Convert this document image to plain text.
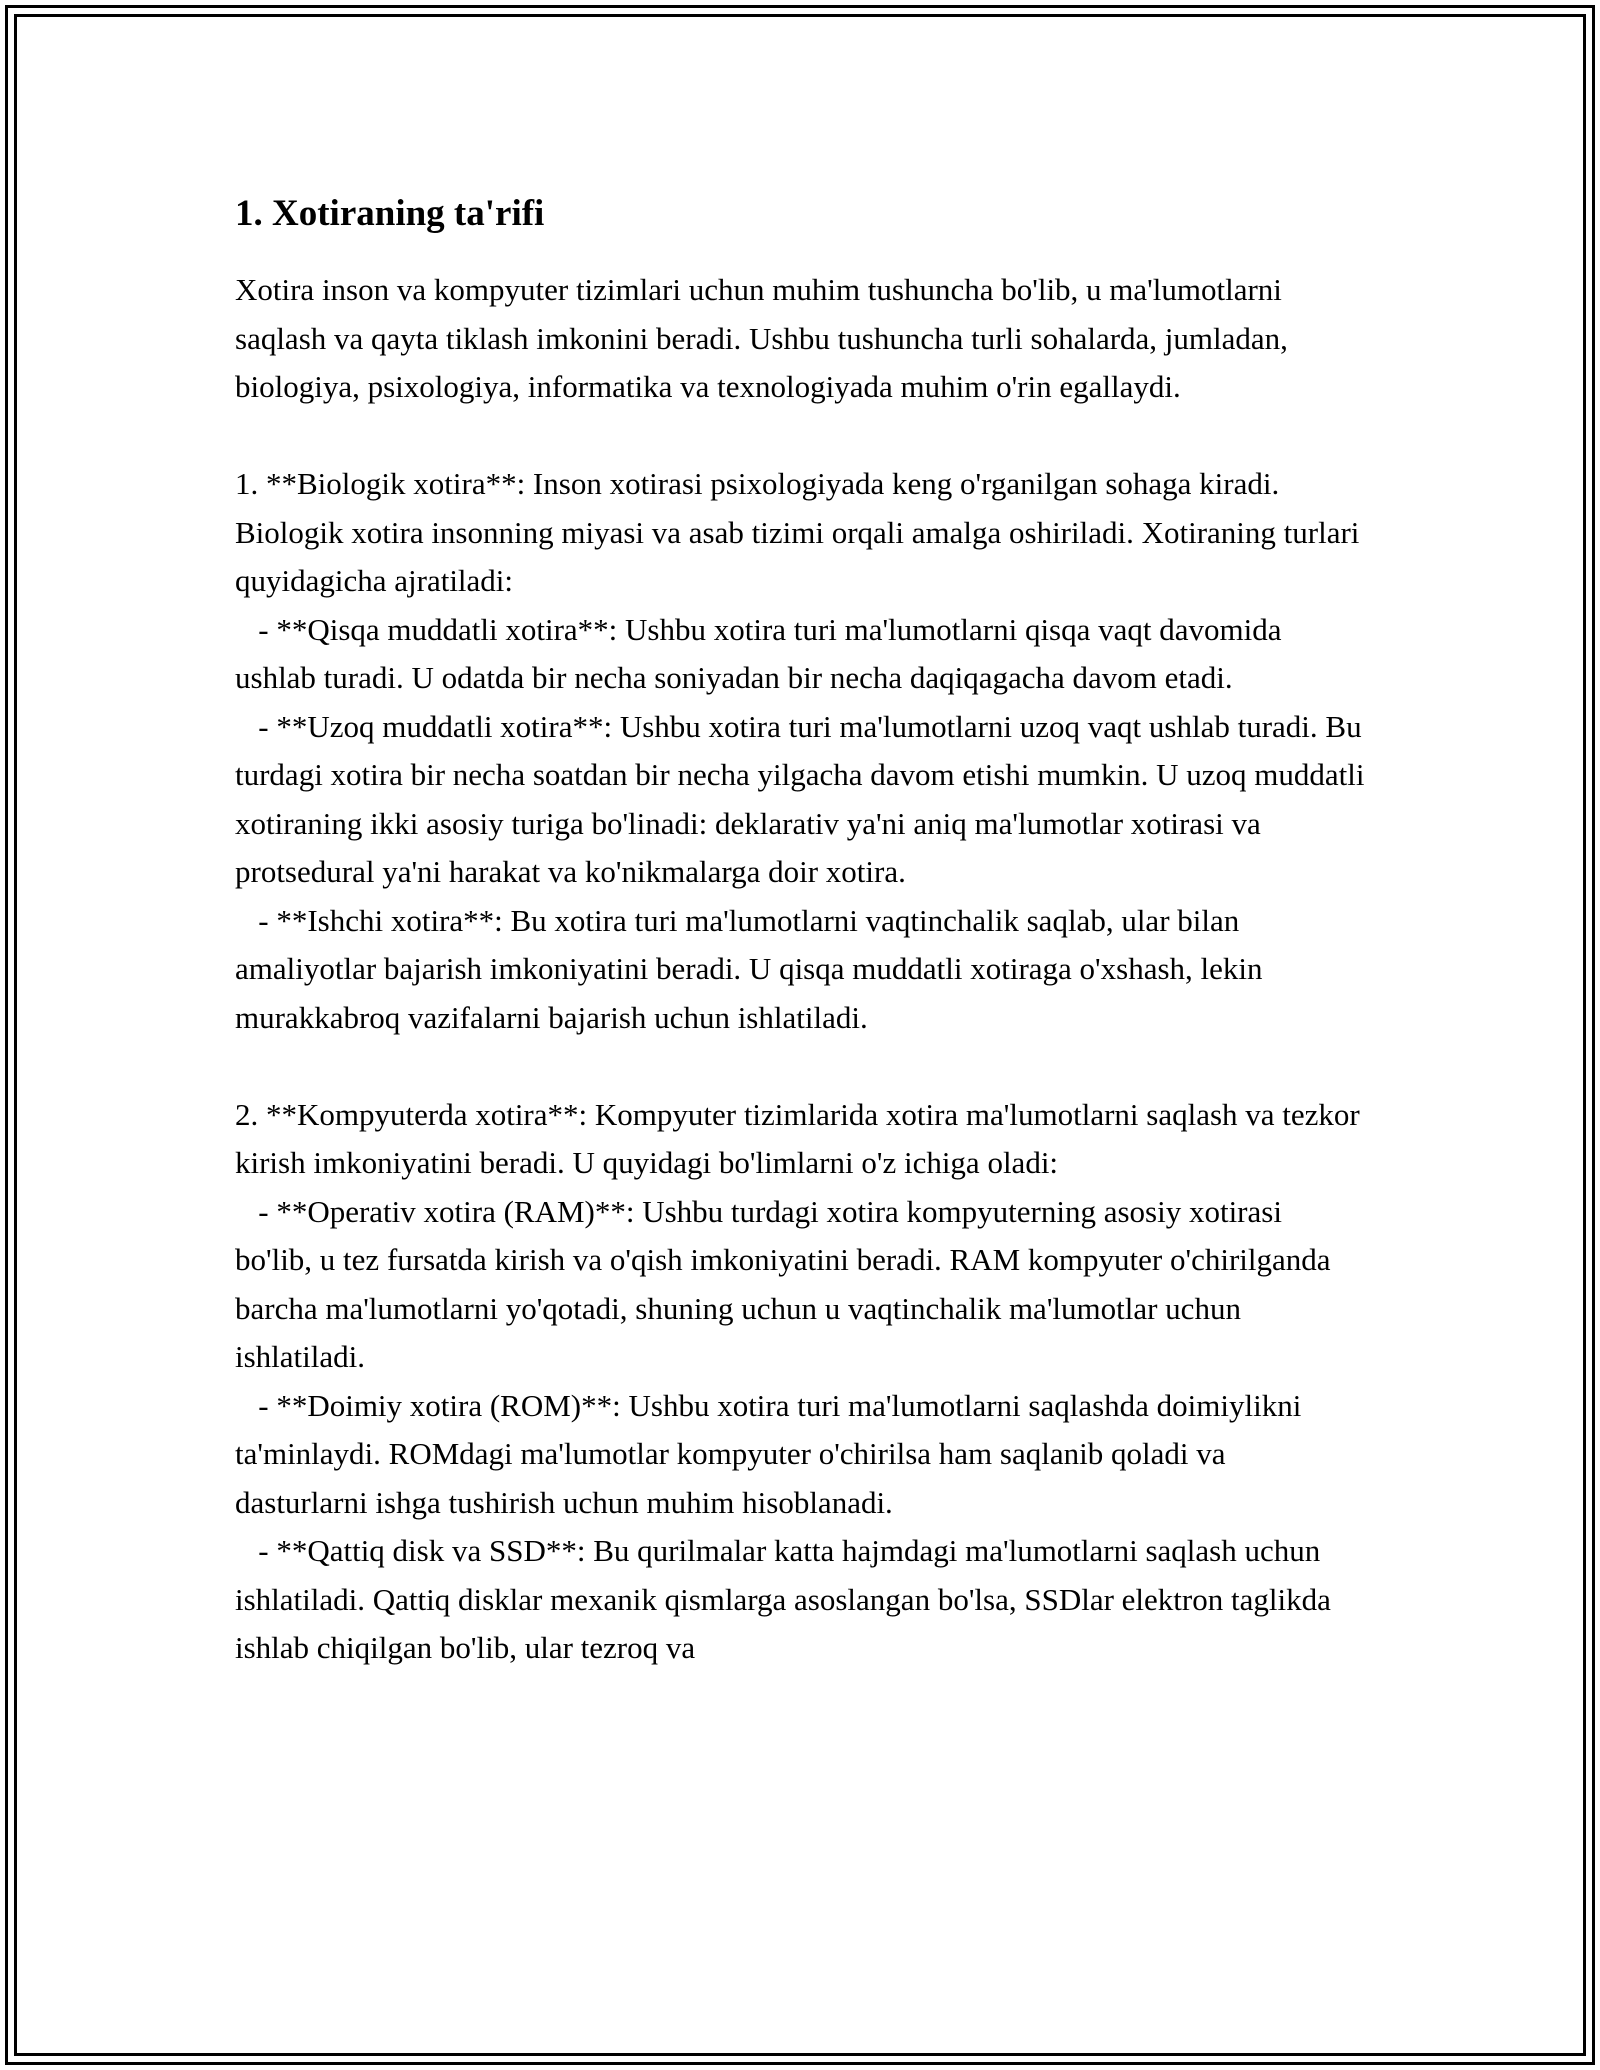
1. Xotiraning ta'rifi

Xotira inson va kompyuter tizimlari uchun muhim tushuncha bo'lib, u ma'lumotlarni saqlash va qayta tiklash imkonini beradi. Ushbu tushuncha turli sohalarda, jumladan, biologiya, psixologiya, informatika va texnologiyada muhim o'rin egallaydi.

1. **Biologik xotira**: Inson xotirasi psixologiyada keng o'rganilgan sohaga kiradi. Biologik xotira insonning miyasi va asab tizimi orqali amalga oshiriladi. Xotiraning turlari quyidagicha ajratiladi:

- **Qisqa muddatli xotira**: Ushbu xotira turi ma'lumotlarni qisqa vaqt davomida ushlab turadi. U odatda bir necha soniyadan bir necha daqiqagacha davom etadi.

- **Uzoq muddatli xotira**: Ushbu xotira turi ma'lumotlarni uzoq vaqt ushlab turadi. Bu turdagi xotira bir necha soatdan bir necha yilgacha davom etishi mumkin. U uzoq muddatli xotiraning ikki asosiy turiga bo'linadi: deklarativ ya'ni aniq ma'lumotlar xotirasi va protsedural ya'ni harakat va ko'nikmalarga doir xotira.

- **Ishchi xotira**: Bu xotira turi ma'lumotlarni vaqtinchalik saqlab, ular bilan amaliyotlar bajarish imkoniyatini beradi. U qisqa muddatli xotiraga o'xshash, lekin murakkabroq vazifalarni bajarish uchun ishlatiladi.

2. **Kompyuterda xotira**: Kompyuter tizimlarida xotira ma'lumotlarni saqlash va tezkor kirish imkoniyatini beradi. U quyidagi bo'limlarni o'z ichiga oladi:

- **Operativ xotira (RAM)**: Ushbu turdagi xotira kompyuterning asosiy xotirasi bo'lib, u tez fursatda kirish va o'qish imkoniyatini beradi. RAM kompyuter o'chirilganda barcha ma'lumotlarni yo'qotadi, shuning uchun u vaqtinchalik ma'lumotlar uchun ishlatiladi.

- **Doimiy xotira (ROM)**: Ushbu xotira turi ma'lumotlarni saqlashda doimiylikni ta'minlaydi. ROMdagi ma'lumotlar kompyuter o'chirilsa ham saqlanib qoladi va dasturlarni ishga tushirish uchun muhim hisoblanadi.

- **Qattiq disk va SSD**: Bu qurilmalar katta hajmdagi ma'lumotlarni saqlash uchun ishlatiladi. Qattiq disklar mexanik qismlarga asoslangan bo'lsa, SSDlar elektron taglikda ishlab chiqilgan bo'lib, ular tezroq va
